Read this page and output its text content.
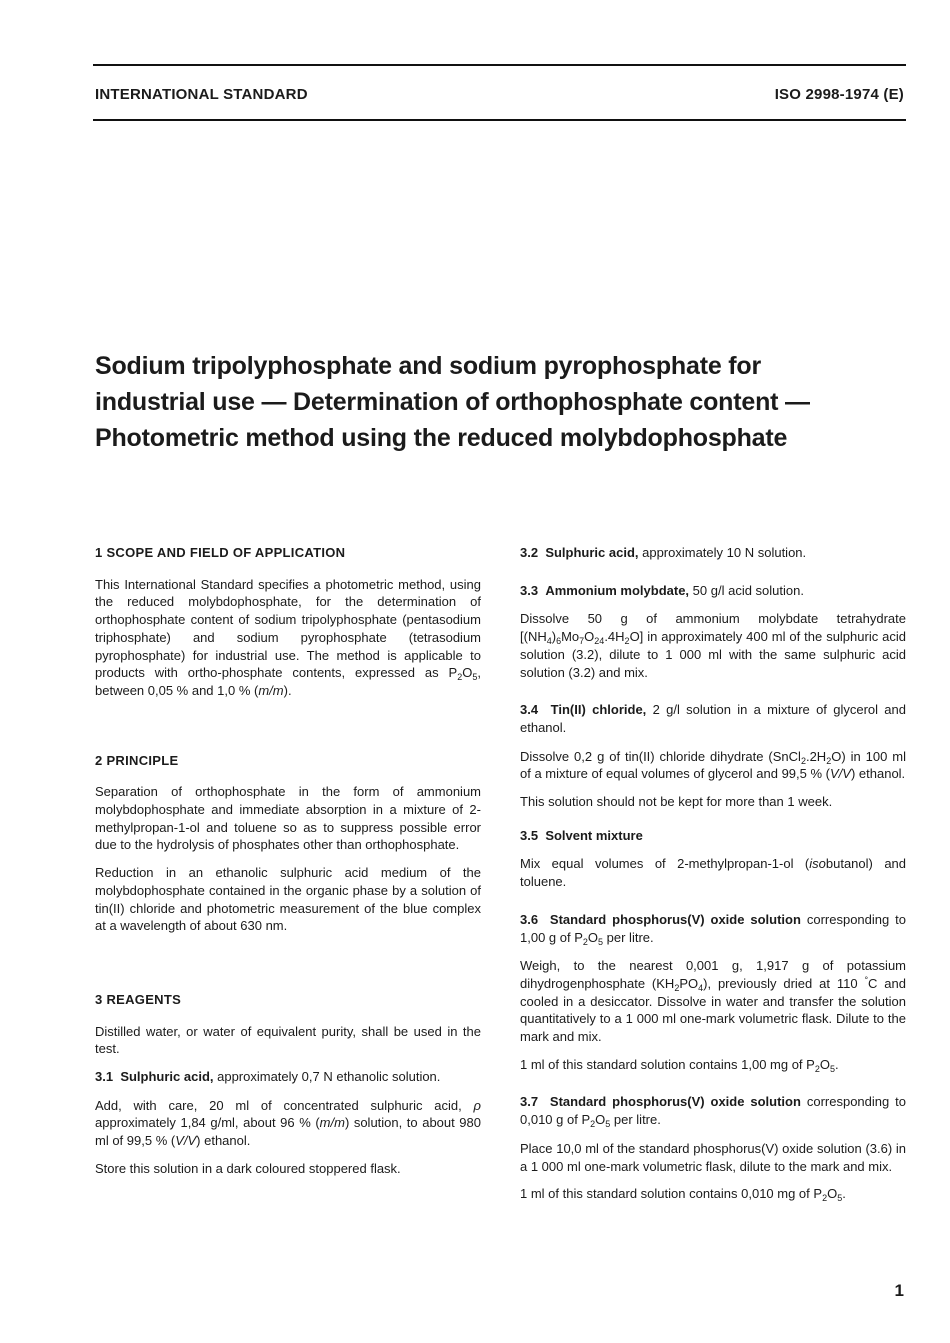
INTERNATIONAL STANDARD	ISO 2998-1974 (E)
Sodium tripolyphosphate and sodium pyrophosphate for
industrial use — Determination of orthophosphate content —
Photometric method using the reduced molybdophosphate
1 SCOPE AND FIELD OF APPLICATION

This International Standard specifies a photometric method, using the reduced molybdophosphate, for the determination of orthophosphate content of sodium tripolyphosphate (pentasodium triphosphate) and sodium pyrophosphate (tetrasodium pyrophosphate) for industrial use. The method is applicable to products with ortho-phosphate contents, expressed as $P_2O_5$, between 0,05 % and 1,0 % (m/m).

2 PRINCIPLE

Separation of orthophosphate in the form of ammonium molybdophosphate and immediate absorption in a mixture of 2-methylpropan-1-ol and toluene so as to suppress possible error due to the hydrolysis of phosphates other than orthophosphate.

Reduction in an ethanolic sulphuric acid medium of the molybdophosphate contained in the organic phase by a solution of tin(II) chloride and photometric measurement of the blue complex at a wavelength of about 630 nm.

3 REAGENTS

Distilled water, or water of equivalent purity, shall be used in the test.

3.1 Sulphuric acid, approximately 0,7 N ethanolic solution.

Add, with care, 20 ml of concentrated sulphuric acid, ρ approximately 1,84 g/ml, about 96 % (m/m) solution, to about 980 ml of 99,5 % (V/V) ethanol.

Store this solution in a dark coloured stoppered flask.

3.2 Sulphuric acid, approximately 10 N solution.

3.3 Ammonium molybdate, 50 g/l acid solution.

Dissolve 50 g of ammonium molybdate tetrahydrate $[(NH_4)_6Mo_7O_{24}.4H_2O]$ in approximately 400 ml of the sulphuric acid solution (3.2), dilute to 1 000 ml with the same sulphuric acid solution (3.2) and mix.

3.4 Tin(II) chloride, 2 g/l solution in a mixture of glycerol and ethanol.

Dissolve 0,2 g of tin(II) chloride dihydrate $(SnCl_2.2H_2O)$ in 100 ml of a mixture of equal volumes of glycerol and 99,5 % (V/V) ethanol.

This solution should not be kept for more than 1 week.

3.5 Solvent mixture

Mix equal volumes of 2-methylpropan-1-ol (isobutanol) and toluene.

3.6 Standard phosphorus(V) oxide solution corresponding to 1,00 g of $P_2O_5$ per litre.

Weigh, to the nearest 0,001 g, 1,917 g of potassium dihydrogenphosphate $(KH_2PO_4)$, previously dried at 110 °C and cooled in a desiccator. Dissolve in water and transfer the solution quantitatively to a 1 000 ml one-mark volumetric flask. Dilute to the mark and mix.

1 ml of this standard solution contains 1,00 mg of $P_2O_5$.

3.7 Standard phosphorus(V) oxide solution corresponding to 0,010 g of $P_2O_5$ per litre.

Place 10,0 ml of the standard phosphorus(V) oxide solution (3.6) in a 1 000 ml one-mark volumetric flask, dilute to the mark and mix.

1 ml of this standard solution contains 0,010 mg of $P_2O_5$.

1
